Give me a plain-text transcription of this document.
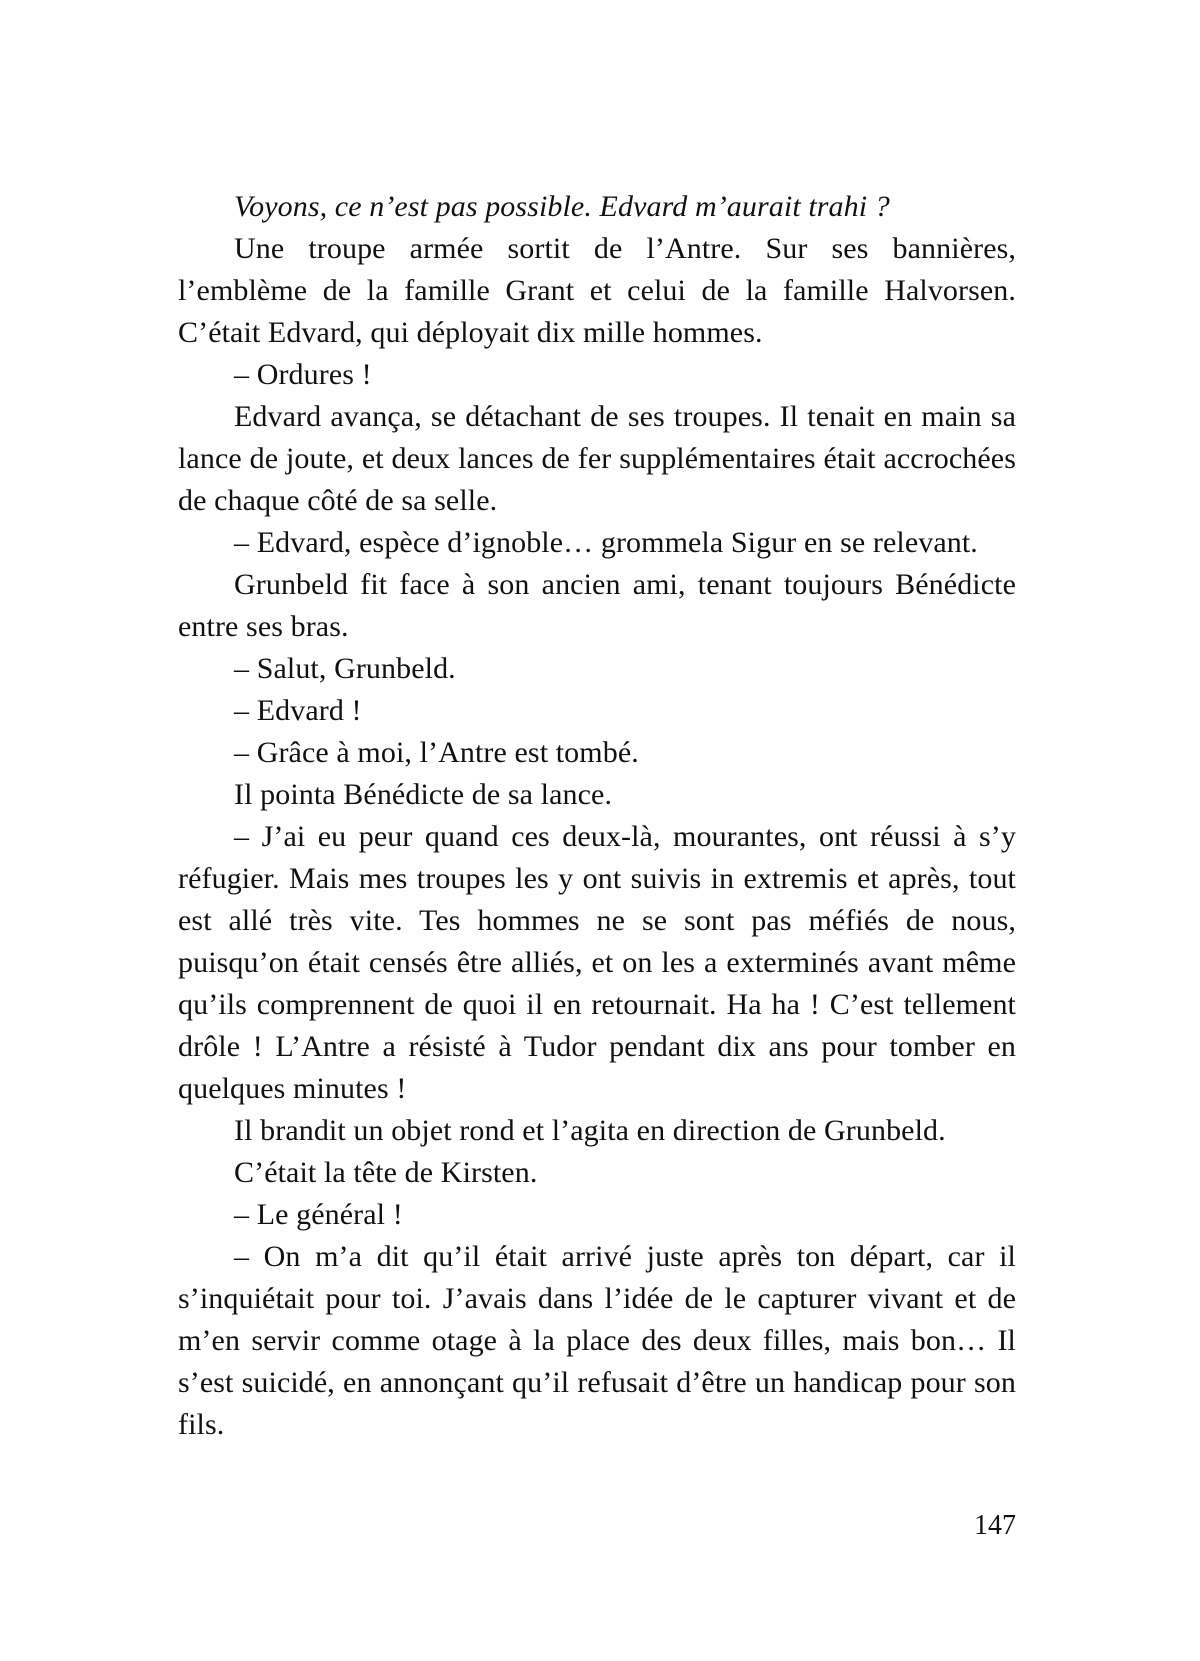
Voyons, ce n’est pas possible. Edvard m’aurait trahi ?

Une troupe armée sortit de l’Antre. Sur ses bannières, l’emblème de la famille Grant et celui de la famille Halvorsen. C’était Edvard, qui déployait dix mille hommes.

– Ordures !

Edvard avança, se détachant de ses troupes. Il tenait en main sa lance de joute, et deux lances de fer supplémentaires était accrochées de chaque côté de sa selle.

– Edvard, espèce d’ignoble… grommela Sigur en se relevant.

Grunbeld fit face à son ancien ami, tenant toujours Bénédicte entre ses bras.

– Salut, Grunbeld.

– Edvard !

– Grâce à moi, l’Antre est tombé.

Il pointa Bénédicte de sa lance.

– J’ai eu peur quand ces deux-là, mourantes, ont réussi à s’y réfugier. Mais mes troupes les y ont suivis in extremis et après, tout est allé très vite. Tes hommes ne se sont pas méfiés de nous, puisqu’on était censés être alliés, et on les a exterminés avant même qu’ils comprennent de quoi il en retournait. Ha ha ! C’est tellement drôle ! L’Antre a résisté à Tudor pendant dix ans pour tomber en quelques minutes !

Il brandit un objet rond et l’agita en direction de Grunbeld.

C’était la tête de Kirsten.

– Le général !

– On m’a dit qu’il était arrivé juste après ton départ, car il s’inquiétait pour toi. J’avais dans l’idée de le capturer vivant et de m’en servir comme otage à la place des deux filles, mais bon… Il s’est suicidé, en annonçant qu’il refusait d’être un handicap pour son fils.

147
